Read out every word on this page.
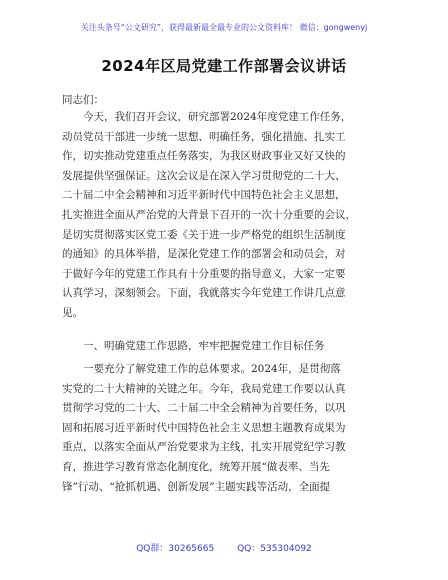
关注头条号“公文研究”，获得最新最全最专业的公文资料库！ 微信：gongwenyj
2024年区局党建工作部署会议讲话
同志们：
今天，我们召开会议，研究部署2024年度党建工作任务，
动员党员干部进一步统一思想、明确任务，强化措施、扎实工
作，切实推动党建重点任务落实，为我区财政事业又好又快的
发展提供坚强保证。这次会议是在深入学习贯彻党的二十大、
二十届二中全会精神和习近平新时代中国特色社会主义思想，
扎实推进全面从严治党的大背景下召开的一次十分重要的会议，
是切实贯彻落实区党工委《关于进一步严格党的组织生活制度
的通知》的具体举措，是深化党建工作的部署会和动员会，对
于做好今年的党建工作具有十分重要的指导意义，大家一定要
认真学习，深刻领会。下面，我就落实今年党建工作讲几点意
见。
一、明确党建工作思路，牢牢把握党建工作目标任务
一要充分了解党建工作的总体要求。2024年，是贯彻落
实党的二十大精神的关键之年。今年，我局党建工作要以认真
贯彻学习党的二十大、二十届二中全会精神为首要任务，以巩
固和拓展习近平新时代中国特色社会主义思想主题教育成果为
重点，以落实全面从严治党要求为主线，扎实开展党纪学习教
育，推进学习教育常态化制度化，统筹开展“做表率、当先
锋”行动、“抢抓机遇、创新发展”主题实践等活动，全面提
QQ群：30265665	QQ：535304092
